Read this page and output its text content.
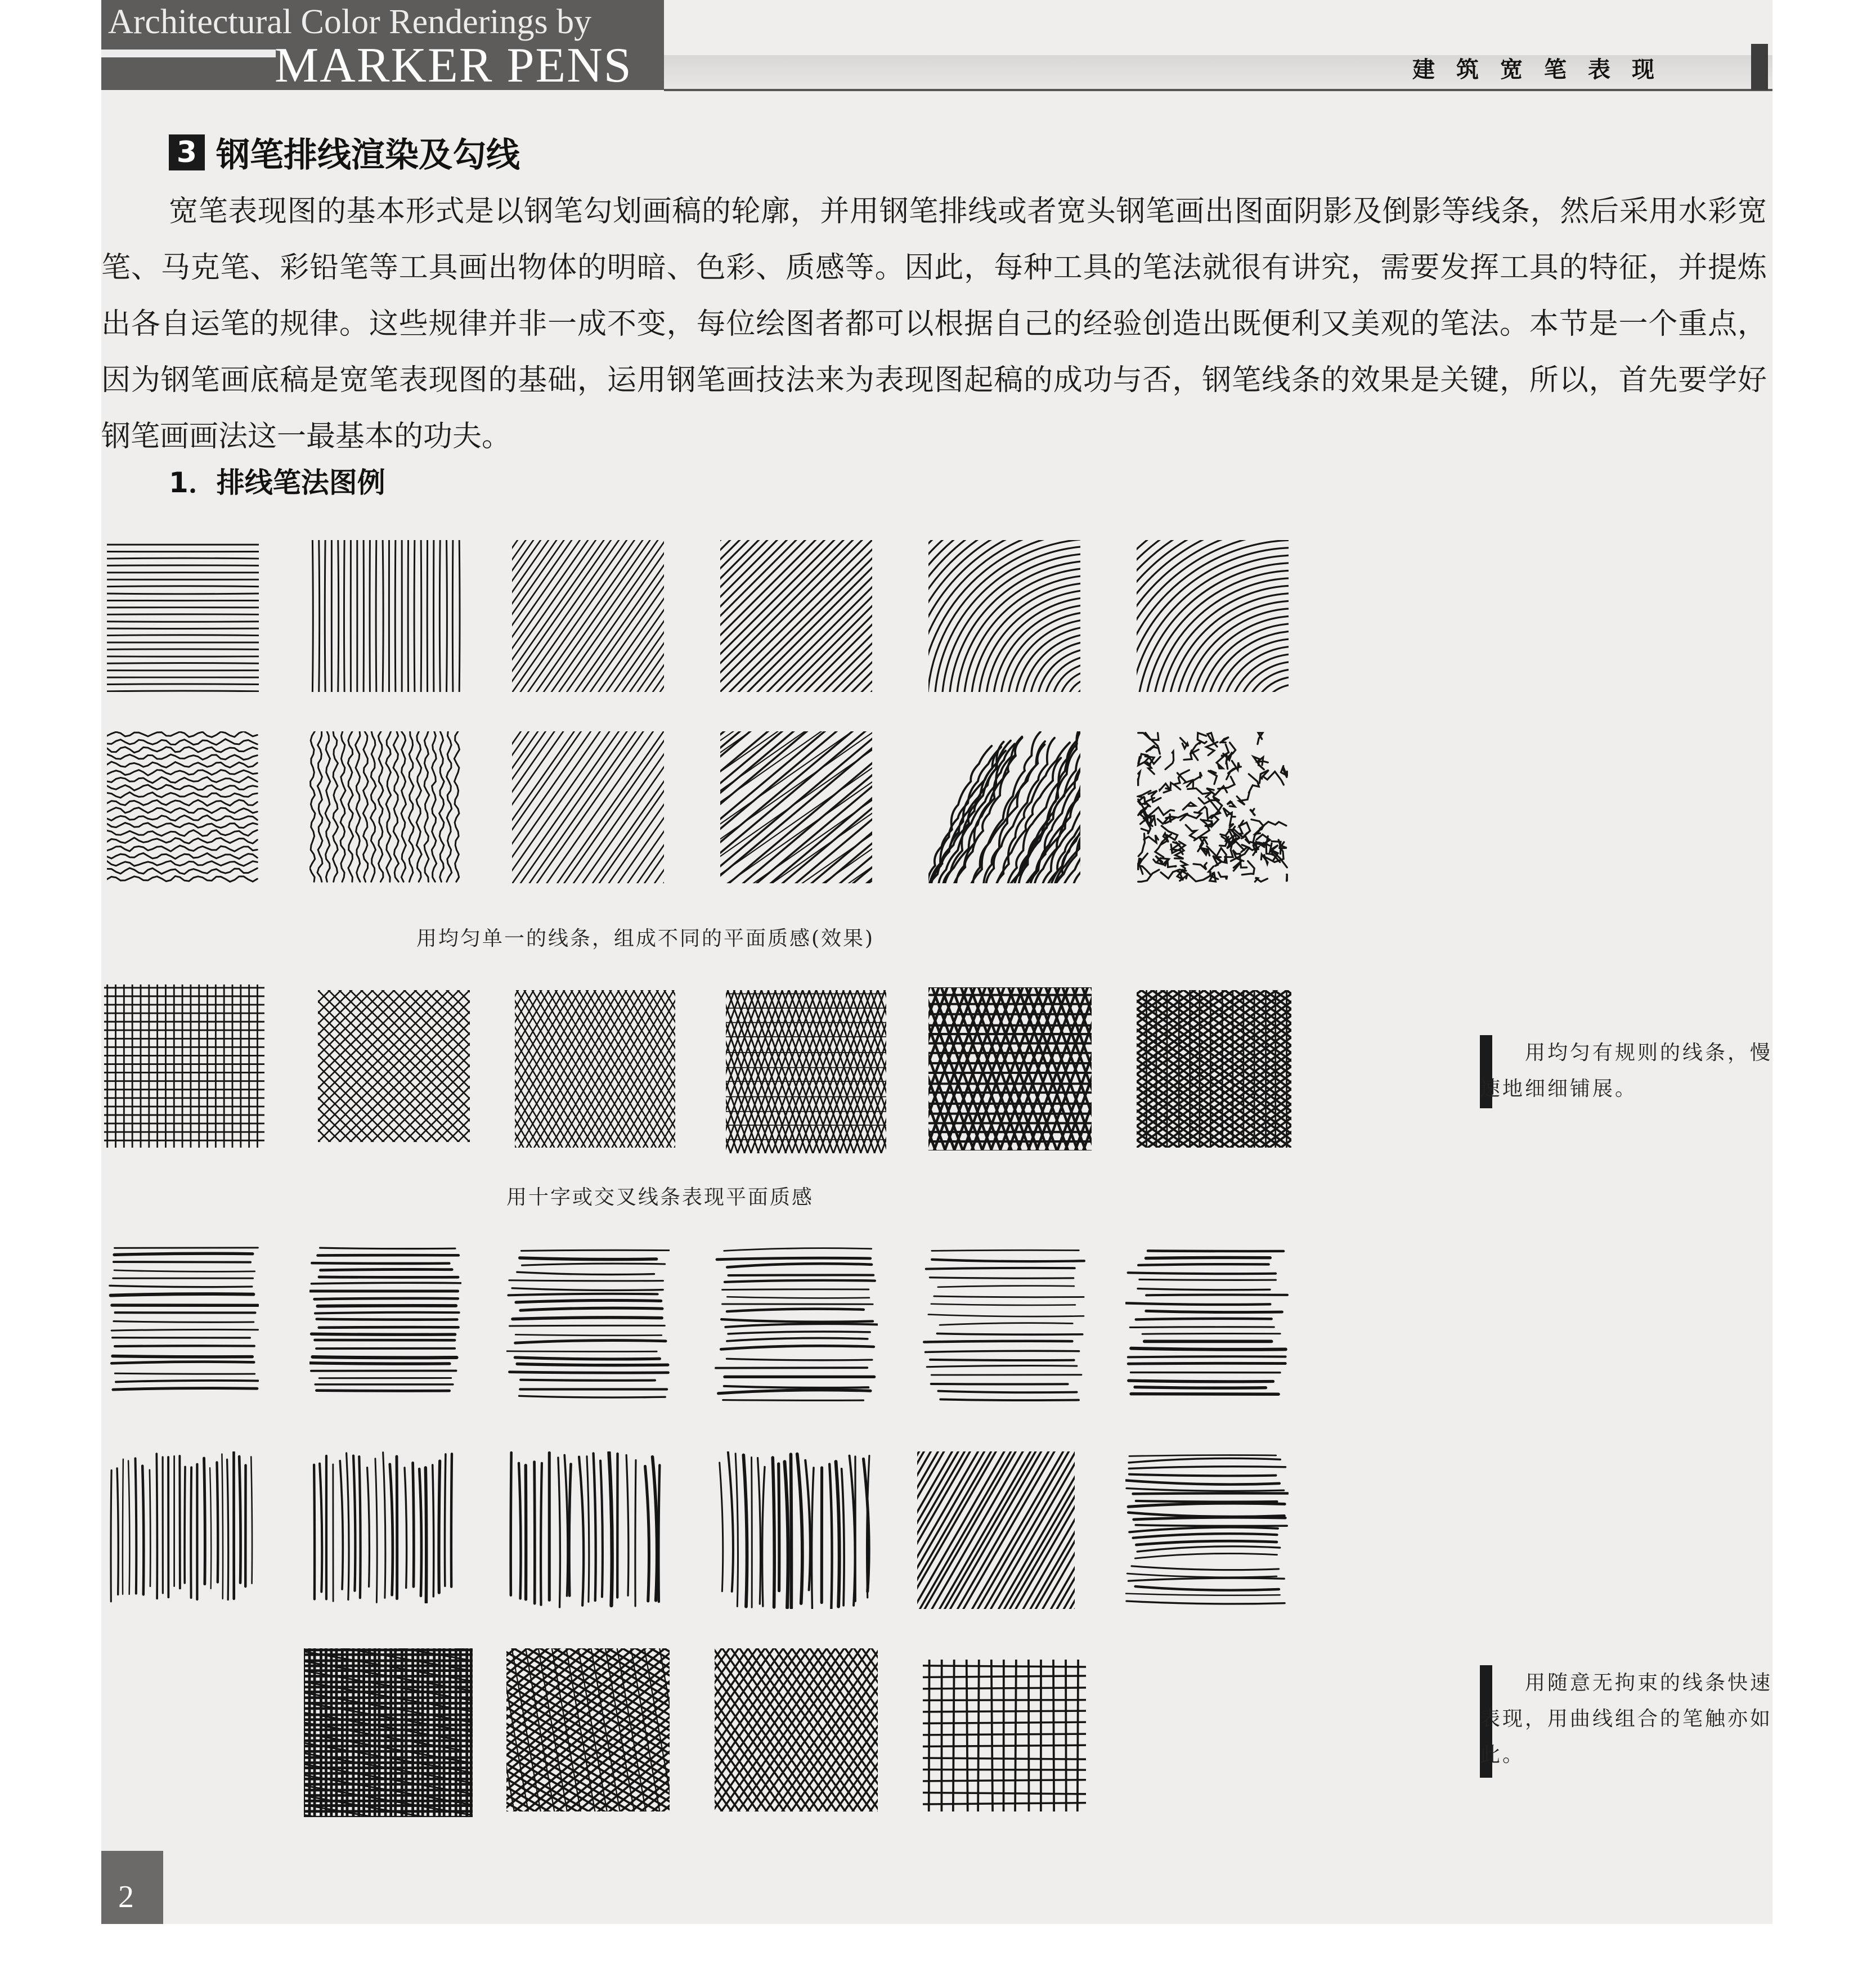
Architectural Color Renderings by
MARKER PENS	建筑宽笔表现
3 钢笔排线渲染及勾线
宽笔表现图的基本形式是以钢笔勾划画稿的轮廓，并用钢笔排线或者宽头钢笔画出图面阴影及倒影等线条，然后采用水彩宽笔、马克笔、彩铅笔等工具画出物体的明暗、色彩、质感等。因此，每种工具的笔法就很有讲究，需要发挥工具的特征，并提炼出各自运笔的规律。这些规律并非一成不变，每位绘图者都可以根据自己的经验创造出既便利又美观的笔法。本节是一个重点，因为钢笔画底稿是宽笔表现图的基础，运用钢笔画技法来为表现图起稿的成功与否，钢笔线条的效果是关键，所以，首先要学好钢笔画画法这一最基本的功夫。
1．排线笔法图例
用均匀单一的线条，组成不同的平面质感(效果)
用十字或交叉线条表现平面质感
用均匀有规则的线条，慢速地细细铺展。
用随意无拘束的线条快速表现，用曲线组合的笔触亦如此。
2
